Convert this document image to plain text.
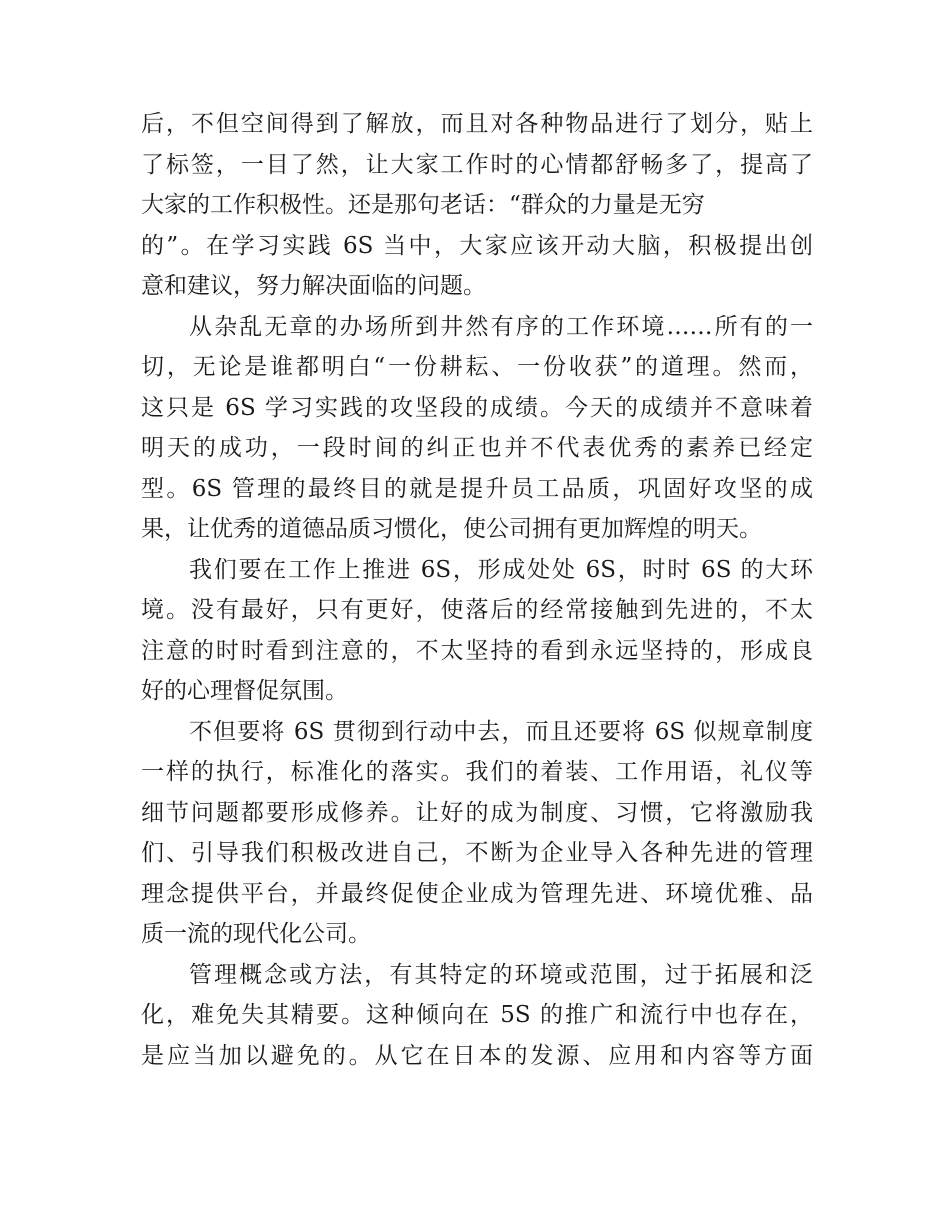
后，不但空间得到了解放，而且对各种物品进行了划分，贴上
了标签，一目了然，让大家工作时的心情都舒畅多了，提高了
大家的工作积极性。还是那句老话：“群众的力量是无穷
的”。在学习实践 6S 当中，大家应该开动大脑，积极提出创
意和建议，努力解决面临的问题。
从杂乱无章的办场所到井然有序的工作环境……所有的一
切，无论是谁都明白“一份耕耘、一份收获”的道理。然而，
这只是 6S 学习实践的攻坚段的成绩。今天的成绩并不意味着
明天的成功，一段时间的纠正也并不代表优秀的素养已经定
型。6S 管理的最终目的就是提升员工品质，巩固好攻坚的成
果，让优秀的道德品质习惯化，使公司拥有更加辉煌的明天。
我们要在工作上推进 6S，形成处处 6S，时时 6S 的大环
境。没有最好，只有更好，使落后的经常接触到先进的，不太
注意的时时看到注意的，不太坚持的看到永远坚持的，形成良
好的心理督促氛围。
不但要将 6S 贯彻到行动中去，而且还要将 6S 似规章制度
一样的执行，标准化的落实。我们的着装、工作用语，礼仪等
细节问题都要形成修养。让好的成为制度、习惯，它将激励我
们、引导我们积极改进自己，不断为企业导入各种先进的管理
理念提供平台，并最终促使企业成为管理先进、环境优雅、品
质一流的现代化公司。
管理概念或方法，有其特定的环境或范围，过于拓展和泛
化，难免失其精要。这种倾向在 5S 的推广和流行中也存在，
是应当加以避免的。从它在日本的发源、应用和内容等方面
